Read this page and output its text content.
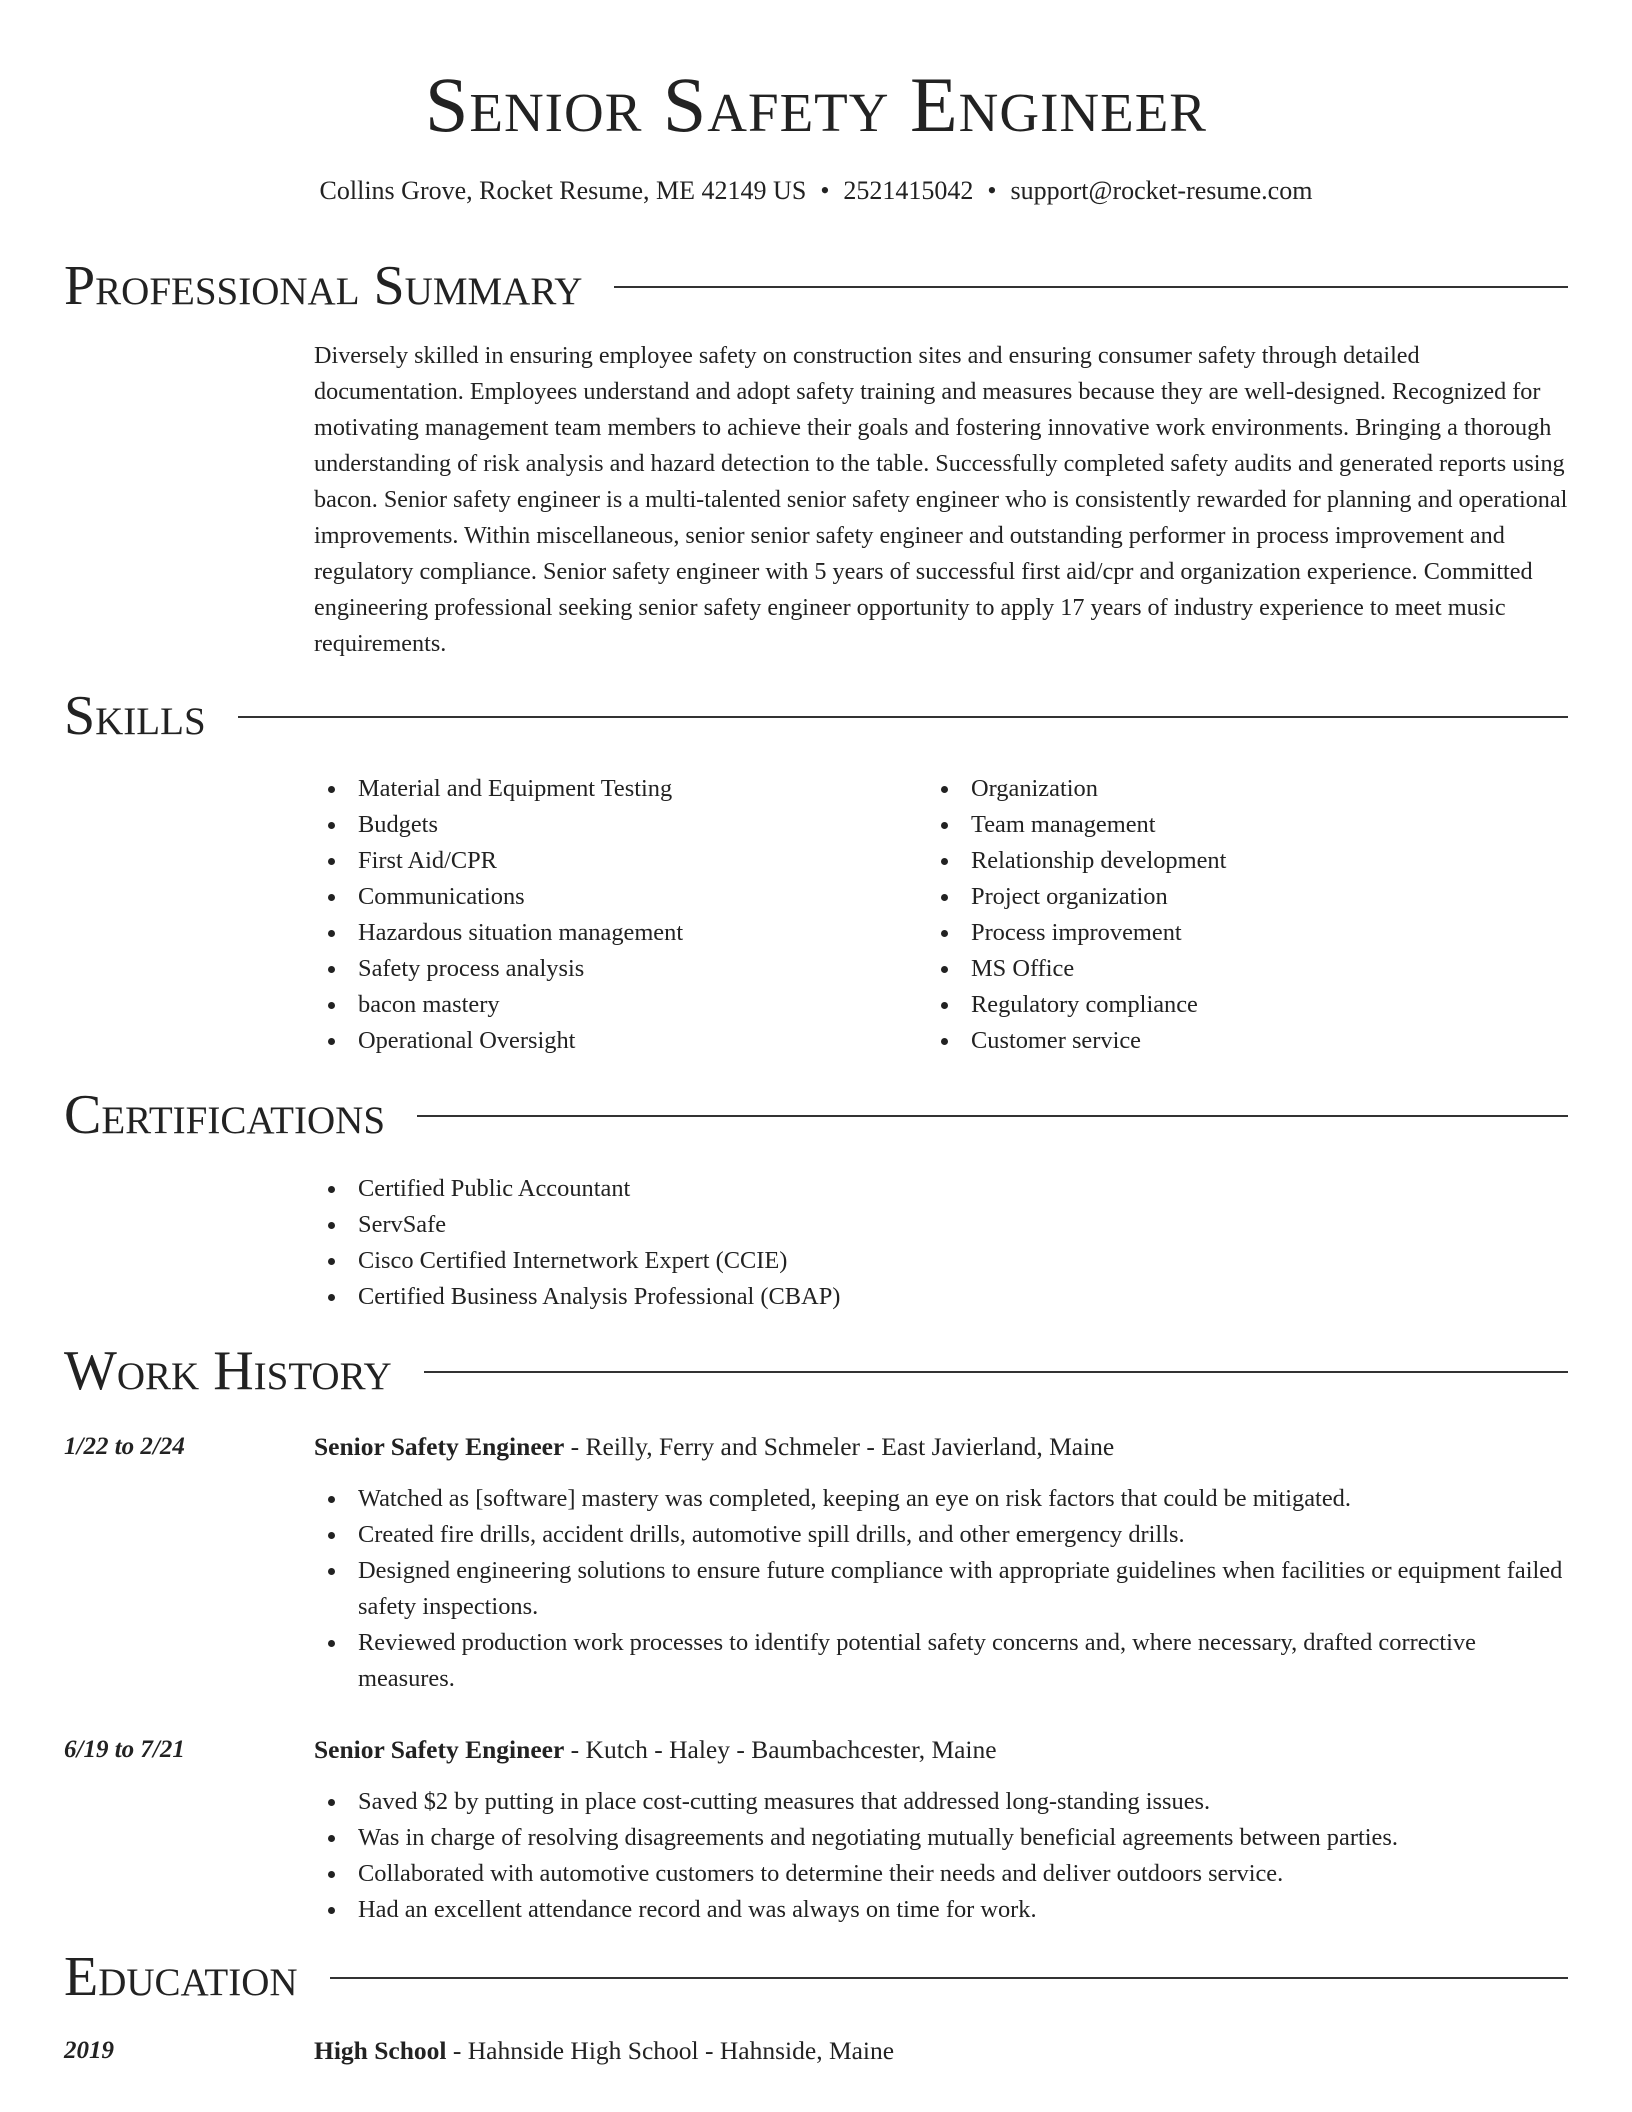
Senior Safety Engineer
Collins Grove, Rocket Resume, ME 42149 US • 2521415042 • support@rocket-resume.com
Professional Summary
Diversely skilled in ensuring employee safety on construction sites and ensuring consumer safety through detailed documentation. Employees understand and adopt safety training and measures because they are well-designed. Recognized for motivating management team members to achieve their goals and fostering innovative work environments. Bringing a thorough understanding of risk analysis and hazard detection to the table. Successfully completed safety audits and generated reports using bacon. Senior safety engineer is a multi-talented senior safety engineer who is consistently rewarded for planning and operational improvements. Within miscellaneous, senior senior safety engineer and outstanding performer in process improvement and regulatory compliance. Senior safety engineer with 5 years of successful first aid/cpr and organization experience. Committed engineering professional seeking senior safety engineer opportunity to apply 17 years of industry experience to meet music requirements.
Skills
Material and Equipment Testing
Budgets
First Aid/CPR
Communications
Hazardous situation management
Safety process analysis
bacon mastery
Operational Oversight
Organization
Team management
Relationship development
Project organization
Process improvement
MS Office
Regulatory compliance
Customer service
Certifications
Certified Public Accountant
ServSafe
Cisco Certified Internetwork Expert (CCIE)
Certified Business Analysis Professional (CBAP)
Work History
1/22 to 2/24	Senior Safety Engineer - Reilly, Ferry and Schmeler - East Javierland, Maine
Watched as [software] mastery was completed, keeping an eye on risk factors that could be mitigated.
Created fire drills, accident drills, automotive spill drills, and other emergency drills.
Designed engineering solutions to ensure future compliance with appropriate guidelines when facilities or equipment failed safety inspections.
Reviewed production work processes to identify potential safety concerns and, where necessary, drafted corrective measures.
6/19 to 7/21	Senior Safety Engineer - Kutch - Haley - Baumbachcester, Maine
Saved $2 by putting in place cost-cutting measures that addressed long-standing issues.
Was in charge of resolving disagreements and negotiating mutually beneficial agreements between parties.
Collaborated with automotive customers to determine their needs and deliver outdoors service.
Had an excellent attendance record and was always on time for work.
Education
2019	High School - Hahnside High School - Hahnside, Maine
